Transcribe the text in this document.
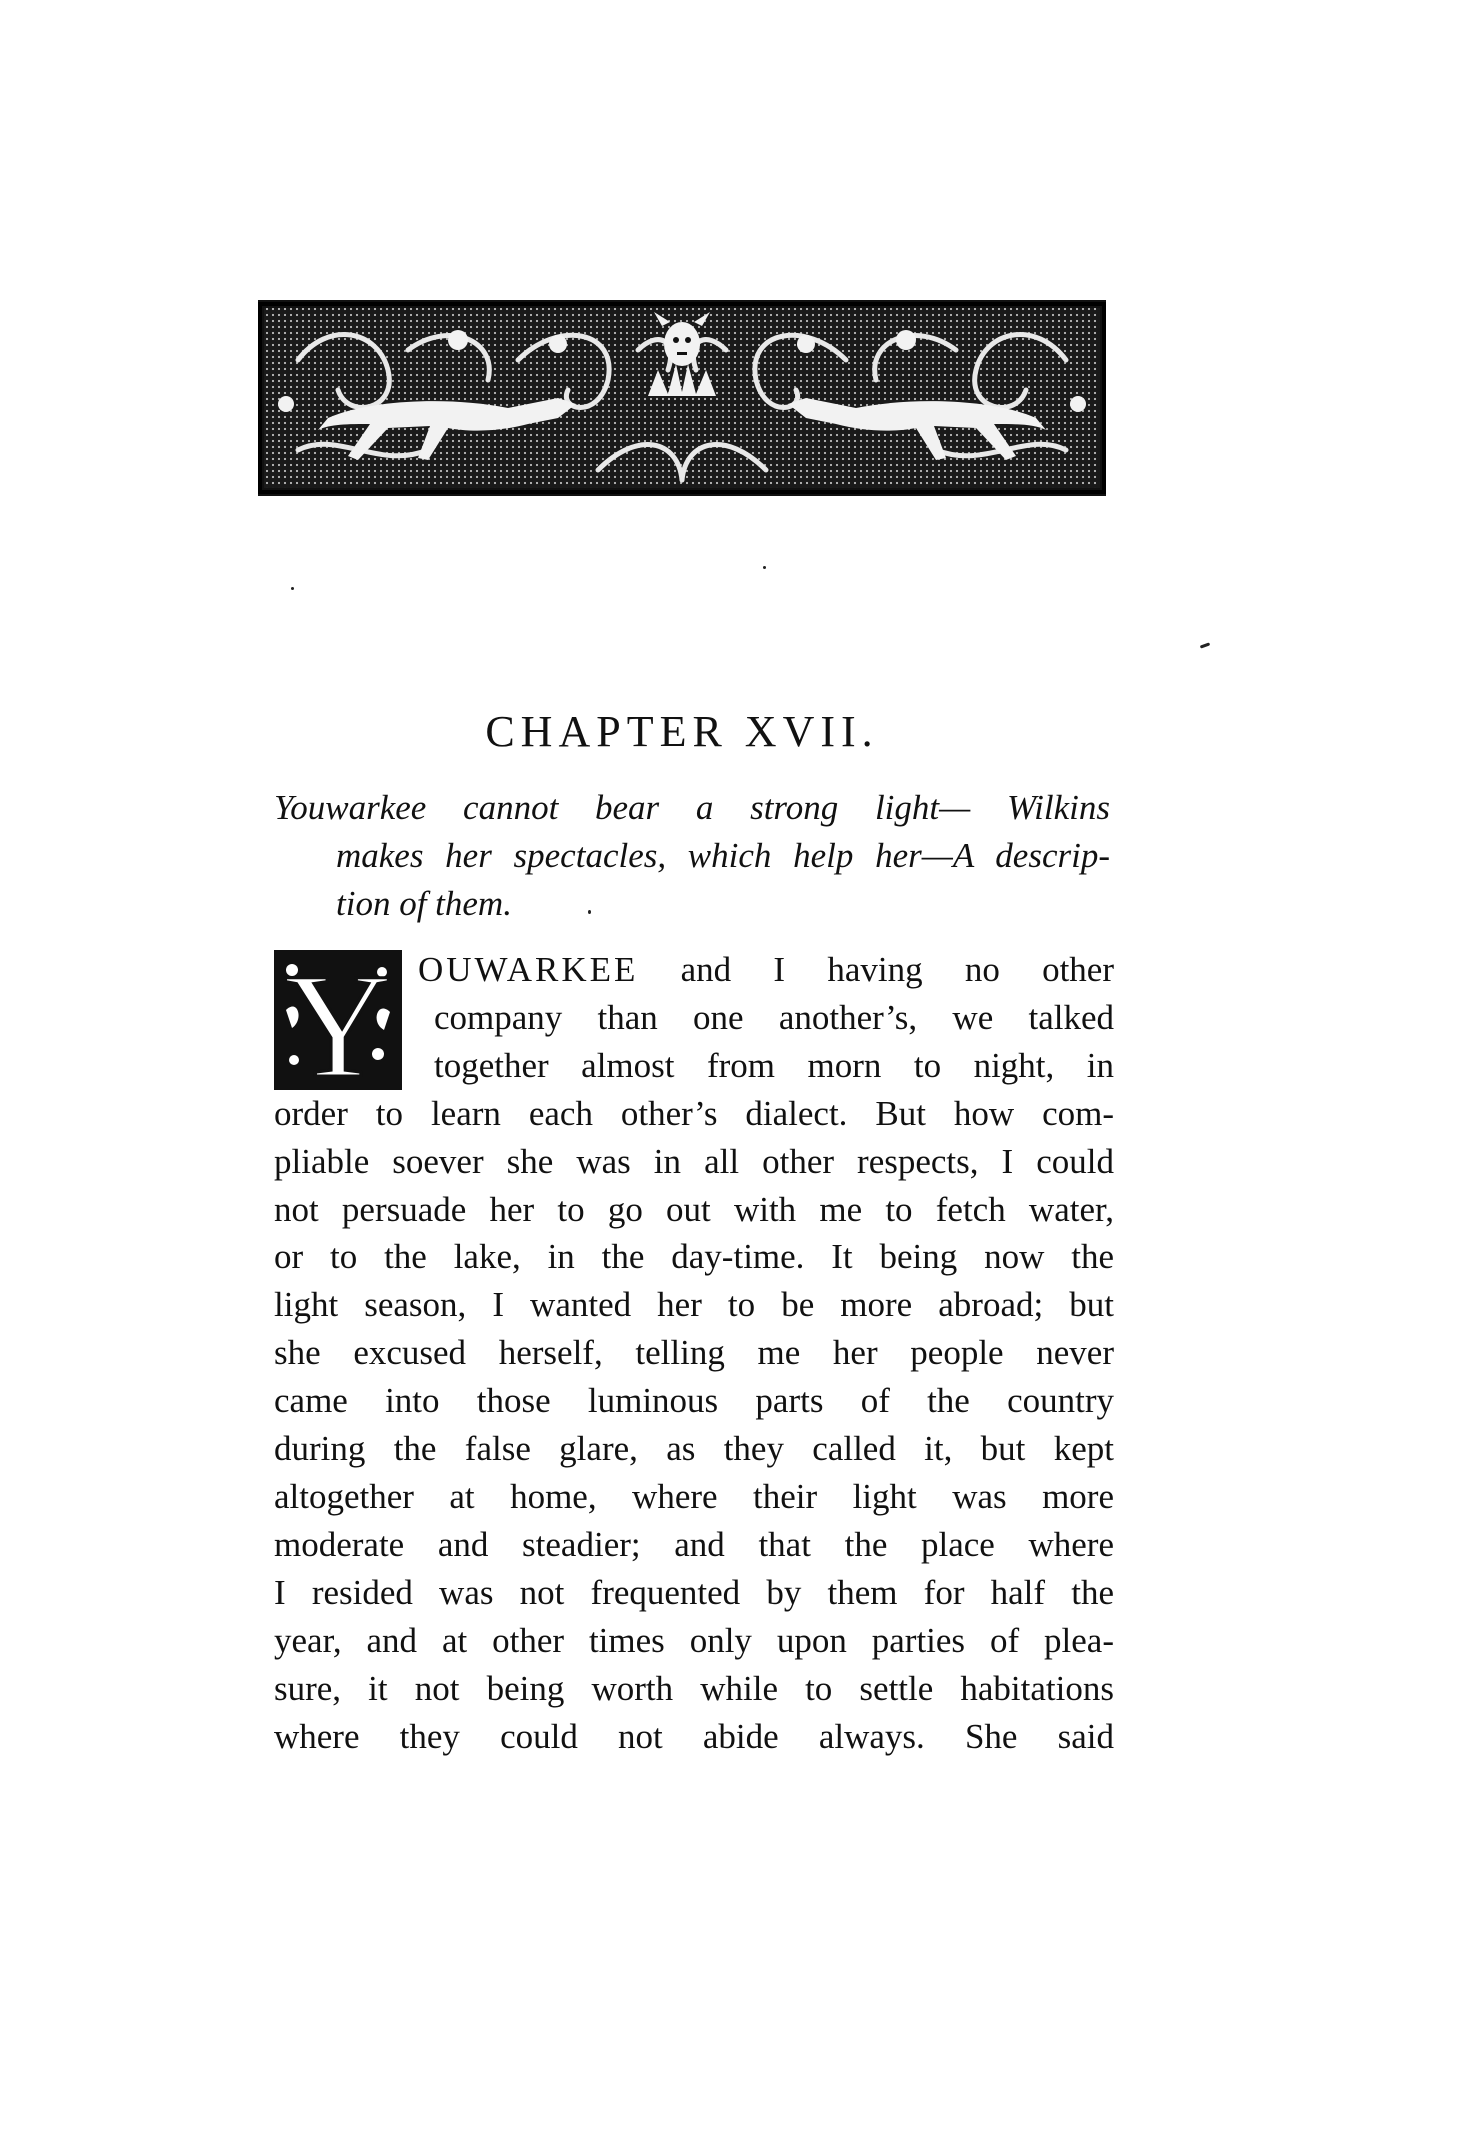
CHAPTER XVII.
Youwarkee cannot bear a strong light— Wilkins
makes her spectacles, which help her—A descrip-
tion of them.
Y OUWARKEE and I having no other
company than one another’s, we talked
together almost from morn to night, in
order to learn each other’s dialect. But how com-
pliable soever she was in all other respects, I could
not persuade her to go out with me to fetch water,
or to the lake, in the day-time. It being now the
light season, I wanted her to be more abroad; but
she excused herself, telling me her people never
came into those luminous parts of the country
during the false glare, as they called it, but kept
altogether at home, where their light was more
moderate and steadier; and that the place where
I resided was not frequented by them for half the
year, and at other times only upon parties of plea-
sure, it not being worth while to settle habitations
where they could not abide always. She said
